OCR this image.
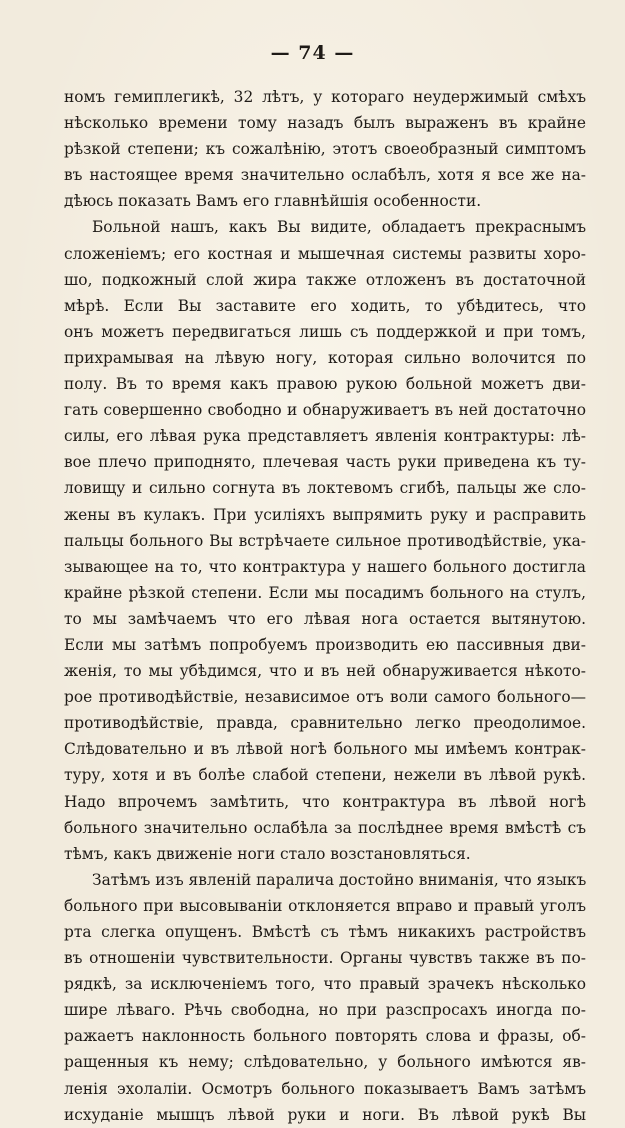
— 74 —
номъ гемиплегикѣ, 32 лѣтъ, у котораго неудержимый смѣхъ
нѣсколько времени тому назадъ былъ выраженъ въ крайне
рѣзкой степени; къ сожалѣнію, этотъ своеобразный симптомъ
въ настоящее время значительно ослабѣлъ, хотя я все же на-
дѣюсь показать Вамъ его главнѣйшія особенности.
Больной нашъ, какъ Вы видите, обладаетъ прекраснымъ
сложеніемъ; его костная и мышечная системы развиты хоро-
шо, подкожный слой жира также отложенъ въ достаточной
мѣрѣ. Если Вы заставите его ходить, то убѣдитесь, что
онъ можетъ передвигаться лишь съ поддержкой и при томъ,
прихрамывая на лѣвую ногу, которая сильно волочится по
полу. Въ то время какъ правою рукою больной можетъ дви-
гать совершенно свободно и обнаруживаетъ въ ней достаточно
силы, его лѣвая рука представляетъ явленія контрактуры: лѣ-
вое плечо приподнято, плечевая часть руки приведена къ ту-
ловищу и сильно согнута въ локтевомъ сгибѣ, пальцы же сло-
жены въ кулакъ. При усиліяхъ выпрямить руку и расправить
пальцы больного Вы встрѣчаете сильное противодѣйствіе, ука-
зывающее на то, что контрактура у нашего больного достигла
крайне рѣзкой степени. Если мы посадимъ больного на стулъ,
то мы замѣчаемъ что его лѣвая нога остается вытянутою.
Если мы затѣмъ попробуемъ производить ею пассивныя дви-
женія, то мы убѣдимся, что и въ ней обнаруживается нѣкото-
рое противодѣйствіе, независимое отъ воли самого больного—
противодѣйствіе, правда, сравнительно легко преодолимое.
Слѣдовательно и въ лѣвой ногѣ больного мы имѣемъ контрак-
туру, хотя и въ болѣе слабой степени, нежели въ лѣвой рукѣ.
Надо впрочемъ замѣтить, что контрактура въ лѣвой ногѣ
больного значительно ослабѣла за послѣднее время вмѣстѣ съ
тѣмъ, какъ движеніе ноги стало возстановляться.
Затѣмъ изъ явленій паралича достойно вниманія, что языкъ
больного при высовываніи отклоняется вправо и правый уголъ
рта слегка опущенъ. Вмѣстѣ съ тѣмъ никакихъ растройствъ
въ отношеніи чувствительности. Органы чувствъ также въ по-
рядкѣ, за исключеніемъ того, что правый зрачекъ нѣсколько
шире лѣваго. Рѣчь свободна, но при разспросахъ иногда по-
ражаетъ наклонность больного повторять слова и фразы, об-
ращенныя къ нему; слѣдовательно, у больного имѣются яв-
ленія эхолаліи. Осмотръ больного показываетъ Вамъ затѣмъ
исхуданіе мышцъ лѣвой руки и ноги. Въ лѣвой рукѣ Вы
